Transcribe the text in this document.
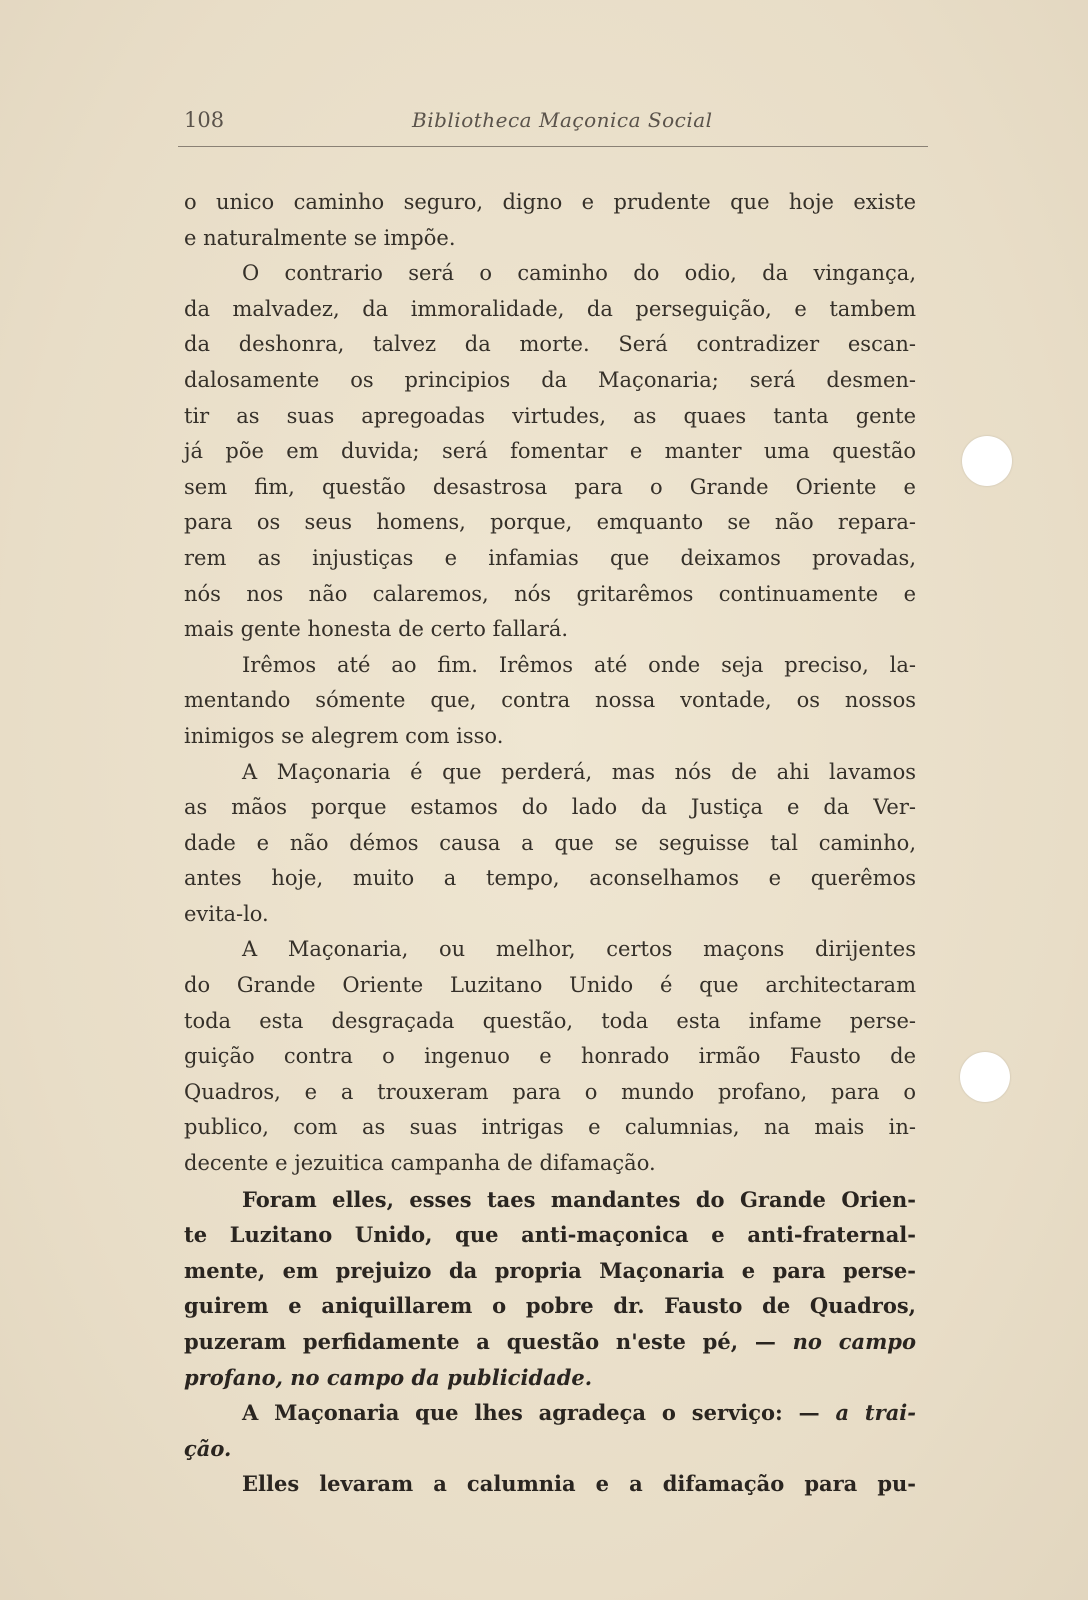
108	Bibliotheca Maçonica Social
o unico caminho seguro, digno e prudente que hoje existe
e naturalmente se impõe.
O contrario será o caminho do odio, da vingança,
da malvadez, da immoralidade, da perseguição, e tambem
da deshonra, talvez da morte. Será contradizer escan-
dalosamente os principios da Maçonaria; será desmen-
tir as suas apregoadas virtudes, as quaes tanta gente
já põe em duvida; será fomentar e manter uma questão
sem fim, questão desastrosa para o Grande Oriente e
para os seus homens, porque, emquanto se não repara-
rem as injustiças e infamias que deixamos provadas,
nós nos não calaremos, nós gritarêmos continuamente e
mais gente honesta de certo fallará.
Irêmos até ao fim. Irêmos até onde seja preciso, la-
mentando sómente que, contra nossa vontade, os nossos
inimigos se alegrem com isso.
A Maçonaria é que perderá, mas nós de ahi lavamos
as mãos porque estamos do lado da Justiça e da Ver-
dade e não démos causa a que se seguisse tal caminho,
antes hoje, muito a tempo, aconselhamos e querêmos
evita-lo.
A Maçonaria, ou melhor, certos maçons dirijentes
do Grande Oriente Luzitano Unido é que architectaram
toda esta desgraçada questão, toda esta infame perse-
guição contra o ingenuo e honrado irmão Fausto de
Quadros, e a trouxeram para o mundo profano, para o
publico, com as suas intrigas e calumnias, na mais in-
decente e jezuitica campanha de difamação.
Foram elles, esses taes mandantes do Grande Orien-
te Luzitano Unido, que anti-maçonica e anti-fraternal-
mente, em prejuizo da propria Maçonaria e para perse-
guirem e aniquillarem o pobre dr. Fausto de Quadros,
puzeram perfidamente a questão n'este pé, — no campo
profano, no campo da publicidade.
A Maçonaria que lhes agradeça o serviço: — a trai-
ção.
Elles levaram a calumnia e a difamação para pu-
